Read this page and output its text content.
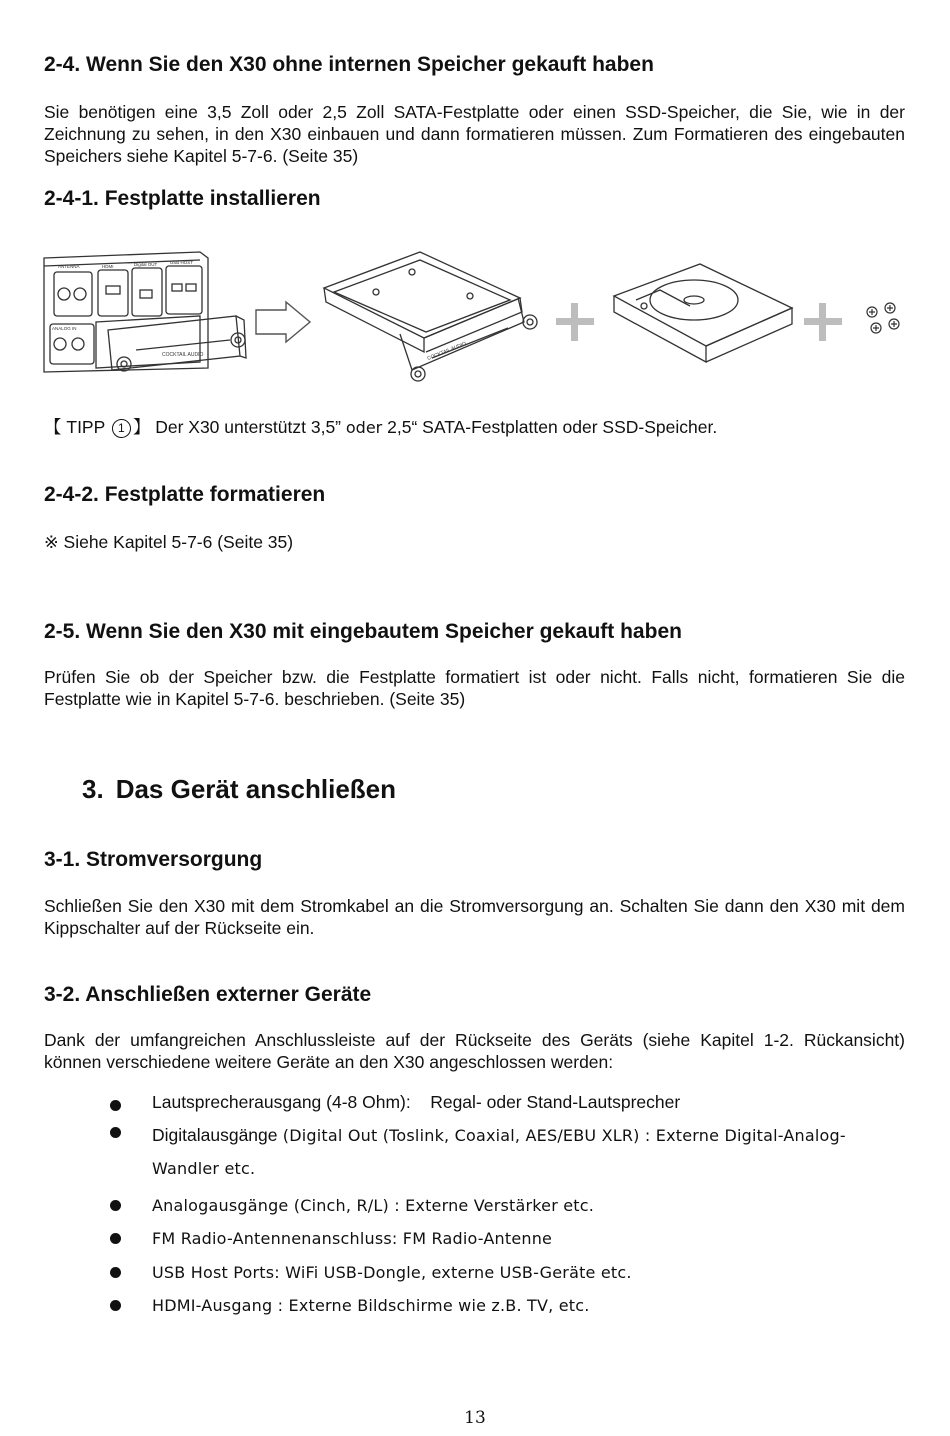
2-4. Wenn Sie den X30 ohne internen Speicher gekauft haben

Sie benötigen eine 3,5 Zoll oder 2,5 Zoll SATA-Festplatte oder einen SSD-Speicher, die Sie, wie in der Zeichnung zu sehen, in den X30 einbauen und dann formatieren müssen. Zum Formatieren des eingebauten Speichers siehe Kapitel 5-7-6. (Seite 35)

2-4-1. Festplatte installieren
COCKTAIL AUDIO
ANTENNA	HDMI	Digital OUT	USB HOST
ANALOG IN
COCKTAIL AUDIO

【 TIPP 1 】 Der X30 unterstützt 3,5” oder 2,5“ SATA-Festplatten oder SSD-Speicher.

2-4-2. Festplatte formatieren

※ Siehe Kapitel 5-7-6 (Seite 35)

2-5. Wenn Sie den X30 mit eingebautem Speicher gekauft haben

Prüfen Sie ob der Speicher bzw. die Festplatte formatiert ist oder nicht. Falls nicht, formatieren Sie die Festplatte wie in Kapitel 5-7-6. beschrieben. (Seite 35)

3. Das Gerät anschließen
3-1. Stromversorgung

Schließen Sie den X30 mit dem Stromkabel an die Stromversorgung an. Schalten Sie dann den X30 mit dem Kippschalter auf der Rückseite ein.

3-2. Anschließen externer Geräte

Dank der umfangreichen Anschlussleiste auf der Rückseite des Geräts (siehe Kapitel 1-2. Rückansicht) können verschiedene weitere Geräte an den X30 angeschlossen werden:

Lautsprecherausgang (4-8 Ohm):    Regal- oder Stand-Lautsprecher
Digitalausgänge (Digital Out (Toslink, Coaxial, AES/EBU XLR) : Externe Digital-Analog-Wandler etc.
Analogausgänge (Cinch, R/L) : Externe Verstärker etc.
FM Radio-Antennenanschluss: FM Radio-Antenne
USB Host Ports: WiFi USB-Dongle, externe USB-Geräte etc.
HDMI-Ausgang : Externe Bildschirme wie z.B. TV, etc.
13
